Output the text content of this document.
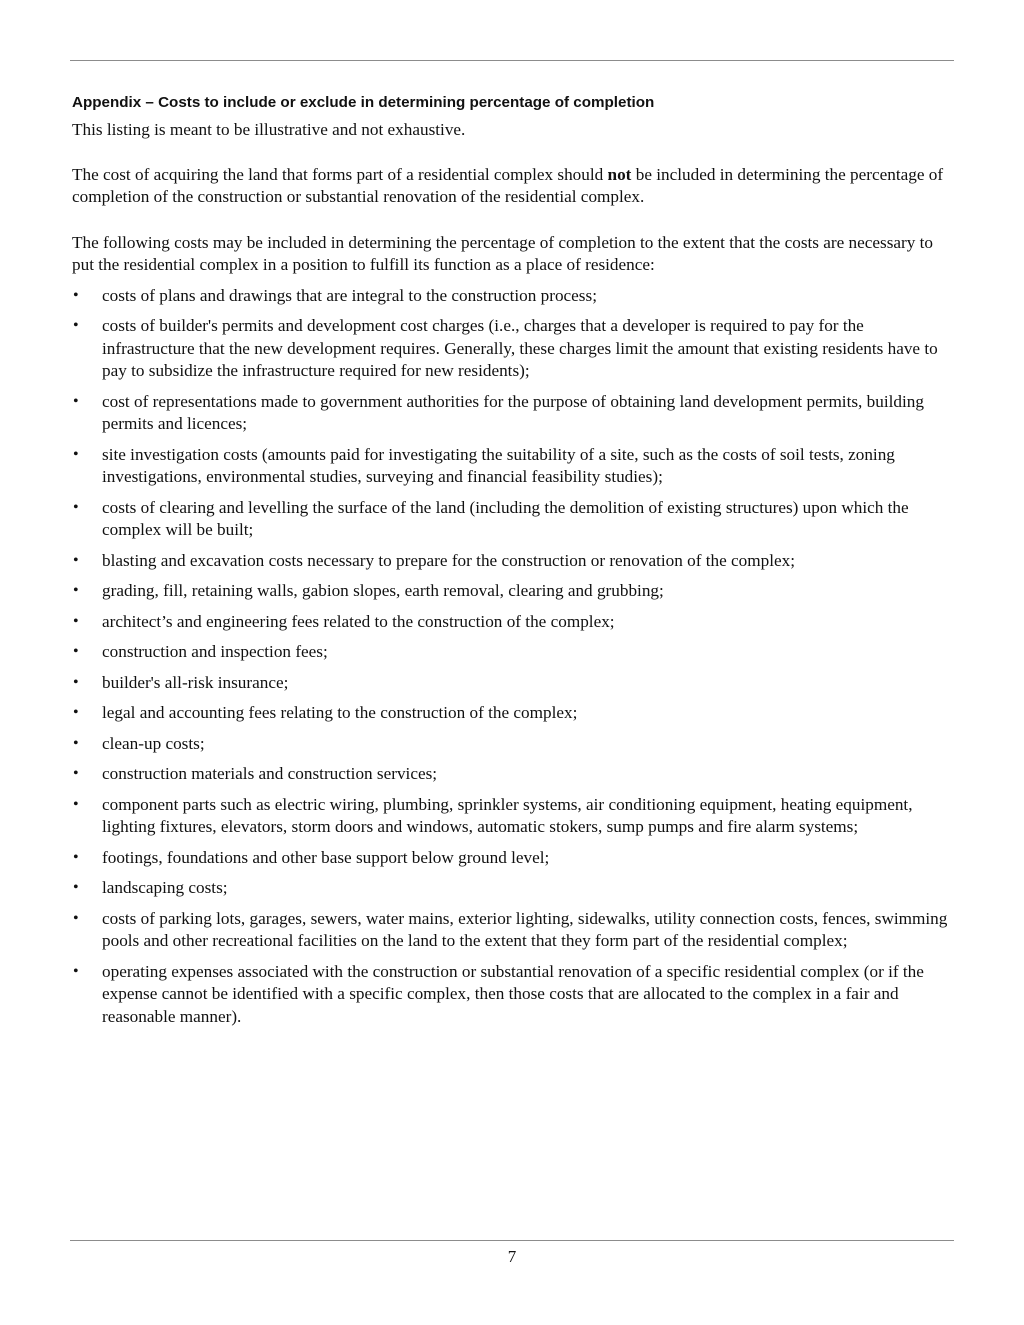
Appendix – Costs to include or exclude in determining percentage of completion

This listing is meant to be illustrative and not exhaustive.

The cost of acquiring the land that forms part of a residential complex should not be included in determining the percentage of completion of the construction or substantial renovation of the residential complex.

The following costs may be included in determining the percentage of completion to the extent that the costs are necessary to put the residential complex in a position to fulfill its function as a place of residence:

• costs of plans and drawings that are integral to the construction process;
• costs of builder's permits and development cost charges (i.e., charges that a developer is required to pay for the infrastructure that the new development requires. Generally, these charges limit the amount that existing residents have to pay to subsidize the infrastructure required for new residents);
• cost of representations made to government authorities for the purpose of obtaining land development permits, building permits and licences;
• site investigation costs (amounts paid for investigating the suitability of a site, such as the costs of soil tests, zoning investigations, environmental studies, surveying and financial feasibility studies);
• costs of clearing and levelling the surface of the land (including the demolition of existing structures) upon which the complex will be built;
• blasting and excavation costs necessary to prepare for the construction or renovation of the complex;
• grading, fill, retaining walls, gabion slopes, earth removal, clearing and grubbing;
• architect’s and engineering fees related to the construction of the complex;
• construction and inspection fees;
• builder's all-risk insurance;
• legal and accounting fees relating to the construction of the complex;
• clean-up costs;
• construction materials and construction services;
• component parts such as electric wiring, plumbing, sprinkler systems, air conditioning equipment, heating equipment, lighting fixtures, elevators, storm doors and windows, automatic stokers, sump pumps and fire alarm systems;
• footings, foundations and other base support below ground level;
• landscaping costs;
• costs of parking lots, garages, sewers, water mains, exterior lighting, sidewalks, utility connection costs, fences, swimming pools and other recreational facilities on the land to the extent that they form part of the residential complex;
• operating expenses associated with the construction or substantial renovation of a specific residential complex (or if the expense cannot be identified with a specific complex, then those costs that are allocated to the complex in a fair and reasonable manner).
7
